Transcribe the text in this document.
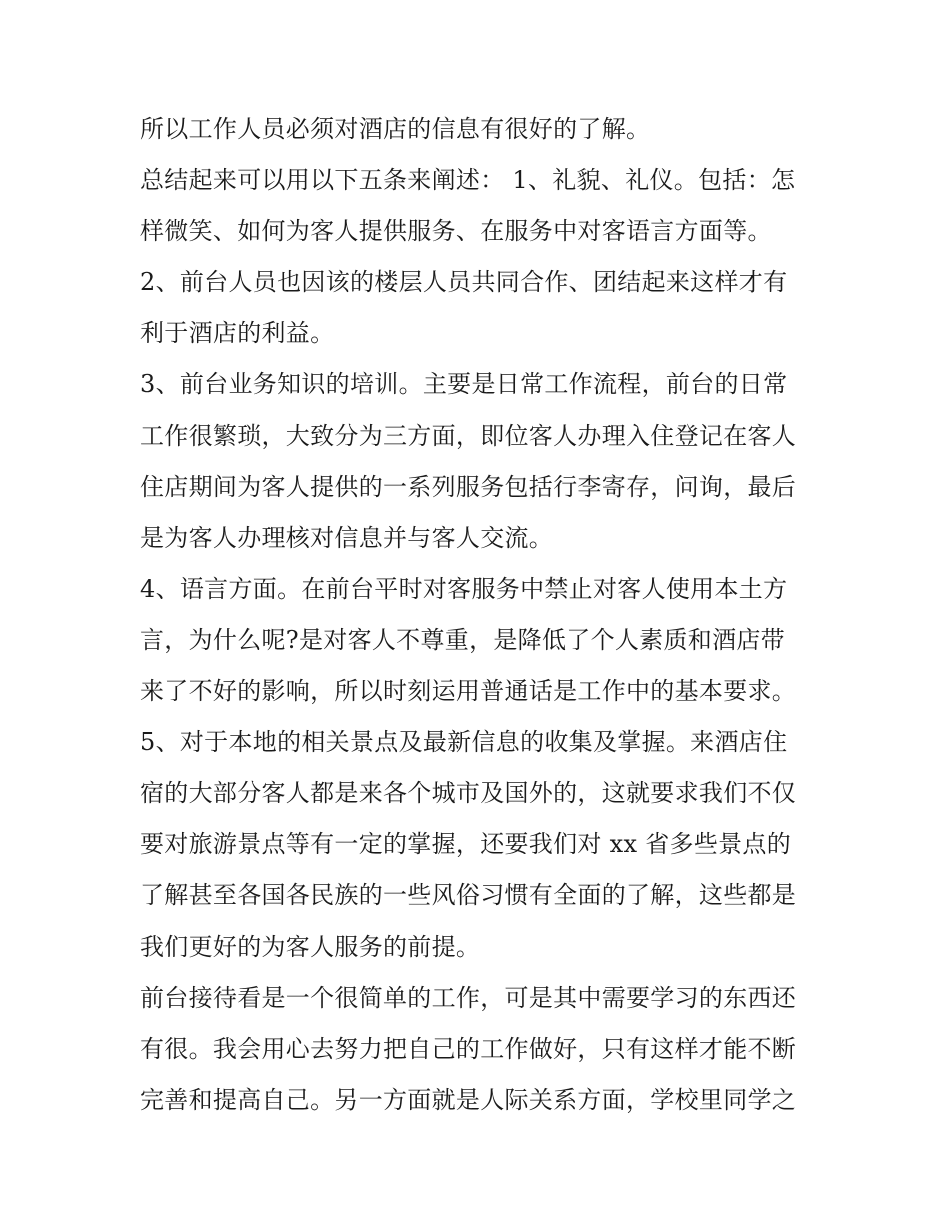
所以工作人员必须对酒店的信息有很好的了解。
总结起来可以用以下五条来阐述： 1、礼貌、礼仪。包括：怎
样微笑、如何为客人提供服务、在服务中对客语言方面等。
2、前台人员也因该的楼层人员共同合作、团结起来这样才有
利于酒店的利益。
3、前台业务知识的培训。主要是日常工作流程，前台的日常
工作很繁琐，大致分为三方面，即位客人办理入住登记在客人
住店期间为客人提供的一系列服务包括行李寄存，问询，最后
是为客人办理核对信息并与客人交流。
4、语言方面。在前台平时对客服务中禁止对客人使用本土方
言，为什么呢?是对客人不尊重，是降低了个人素质和酒店带
来了不好的影响，所以时刻运用普通话是工作中的基本要求。
5、对于本地的相关景点及最新信息的收集及掌握。来酒店住
宿的大部分客人都是来各个城市及国外的，这就要求我们不仅
要对旅游景点等有一定的掌握，还要我们对 xx 省多些景点的
了解甚至各国各民族的一些风俗习惯有全面的了解，这些都是
我们更好的为客人服务的前提。
前台接待看是一个很简单的工作，可是其中需要学习的东西还
有很。我会用心去努力把自己的工作做好，只有这样才能不断
完善和提高自己。另一方面就是人际关系方面，学校里同学之
